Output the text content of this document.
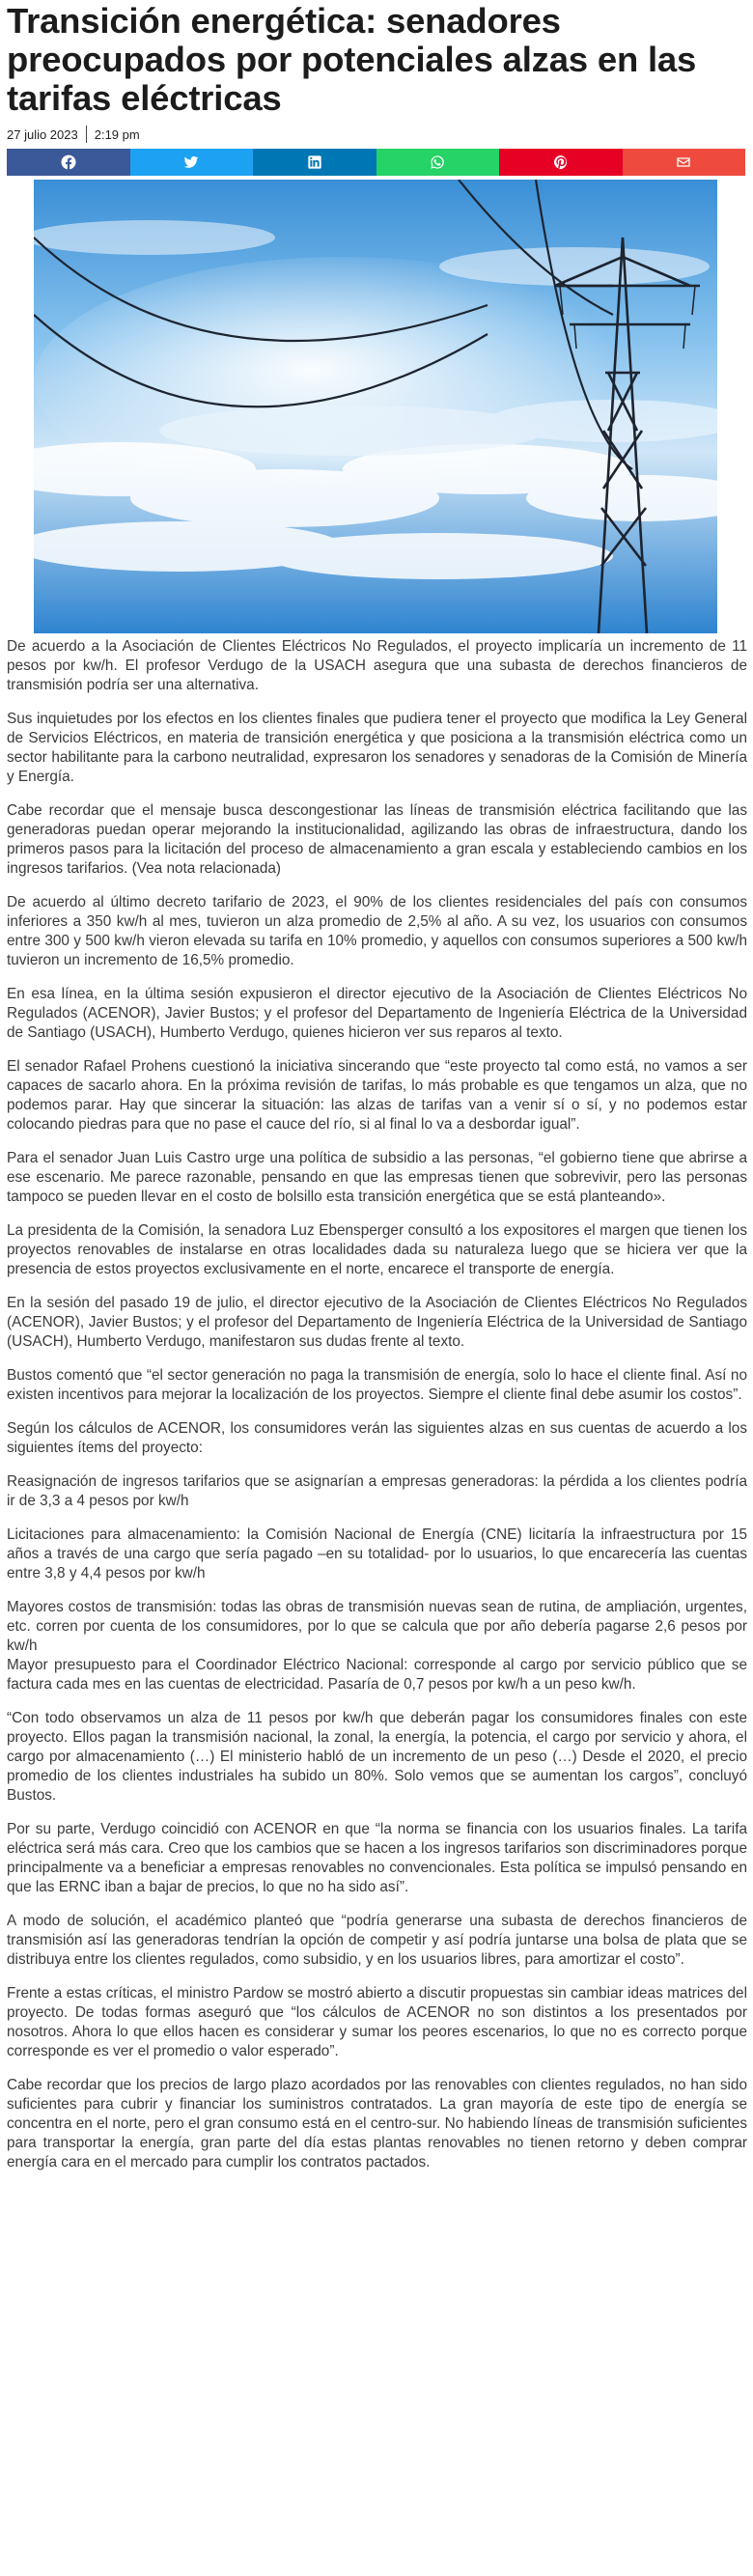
Transición energética: senadores preocupados por potenciales alzas en las tarifas eléctricas
27 julio 2023 2:19 pm

De acuerdo a la Asociación de Clientes Eléctricos No Regulados, el proyecto implicaría un incremento de 11 pesos por kw/h. El profesor Verdugo de la USACH asegura que una subasta de derechos financieros de transmisión podría ser una alternativa.

Sus inquietudes por los efectos en los clientes finales que pudiera tener el proyecto que modifica la Ley General de Servicios Eléctricos, en materia de transición energética y que posiciona a la transmisión eléctrica como un sector habilitante para la carbono neutralidad, expresaron los senadores y senadoras de la Comisión de Minería y Energía.

Cabe recordar que el mensaje busca descongestionar las líneas de transmisión eléctrica facilitando que las generadoras puedan operar mejorando la institucionalidad, agilizando las obras de infraestructura, dando los primeros pasos para la licitación del proceso de almacenamiento a gran escala y estableciendo cambios en los ingresos tarifarios. (Vea nota relacionada)

De acuerdo al último decreto tarifario de 2023, el 90% de los clientes residenciales del país con consumos inferiores a 350 kw/h al mes, tuvieron un alza promedio de 2,5% al año. A su vez, los usuarios con consumos entre 300 y 500 kw/h vieron elevada su tarifa en 10% promedio, y aquellos con consumos superiores a 500 kw/h tuvieron un incremento de 16,5% promedio.

En esa línea, en la última sesión expusieron el director ejecutivo de la Asociación de Clientes Eléctricos No Regulados (ACENOR), Javier Bustos; y el profesor del Departamento de Ingeniería Eléctrica de la Universidad de Santiago (USACH), Humberto Verdugo, quienes hicieron ver sus reparos al texto.

El senador Rafael Prohens cuestionó la iniciativa sincerando que “este proyecto tal como está, no vamos a ser capaces de sacarlo ahora. En la próxima revisión de tarifas, lo más probable es que tengamos un alza, que no podemos parar. Hay que sincerar la situación: las alzas de tarifas van a venir sí o sí, y no podemos estar colocando piedras para que no pase el cauce del río, si al final lo va a desbordar igual”.

Para el senador Juan Luis Castro urge una política de subsidio a las personas, “el gobierno tiene que abrirse a ese escenario. Me parece razonable, pensando en que las empresas tienen que sobrevivir, pero las personas tampoco se pueden llevar en el costo de bolsillo esta transición energética que se está planteando».

La presidenta de la Comisión, la senadora Luz Ebensperger consultó a los expositores el margen que tienen los proyectos renovables de instalarse en otras localidades dada su naturaleza luego que se hiciera ver que la presencia de estos proyectos exclusivamente en el norte, encarece el transporte de energía.

En la sesión del pasado 19 de julio, el director ejecutivo de la Asociación de Clientes Eléctricos No Regulados (ACENOR), Javier Bustos; y el profesor del Departamento de Ingeniería Eléctrica de la Universidad de Santiago (USACH), Humberto Verdugo, manifestaron sus dudas frente al texto.

Bustos comentó que “el sector generación no paga la transmisión de energía, solo lo hace el cliente final. Así no existen incentivos para mejorar la localización de los proyectos. Siempre el cliente final debe asumir los costos”.

Según los cálculos de ACENOR, los consumidores verán las siguientes alzas en sus cuentas de acuerdo a los siguientes ítems del proyecto:

Reasignación de ingresos tarifarios que se asignarían a empresas generadoras: la pérdida a los clientes podría ir de 3,3 a 4 pesos por kw/h

Licitaciones para almacenamiento: la Comisión Nacional de Energía (CNE) licitaría la infraestructura por 15 años a través de una cargo que sería pagado –en su totalidad- por lo usuarios, lo que encarecería las cuentas entre 3,8 y 4,4 pesos por kw/h

Mayores costos de transmisión: todas las obras de transmisión nuevas sean de rutina, de ampliación, urgentes, etc. corren por cuenta de los consumidores, por lo que se calcula que por año debería pagarse 2,6 pesos por kw/h

Mayor presupuesto para el Coordinador Eléctrico Nacional: corresponde al cargo por servicio público que se factura cada mes en las cuentas de electricidad. Pasaría de 0,7 pesos por kw/h a un peso kw/h.

“Con todo observamos un alza de 11 pesos por kw/h que deberán pagar los consumidores finales con este proyecto. Ellos pagan la transmisión nacional, la zonal, la energía, la potencia, el cargo por servicio y ahora, el cargo por almacenamiento (…) El ministerio habló de un incremento de un peso (…) Desde el 2020, el precio promedio de los clientes industriales ha subido un 80%. Solo vemos que se aumentan los cargos”, concluyó Bustos.

Por su parte, Verdugo coincidió con ACENOR en que “la norma se financia con los usuarios finales. La tarifa eléctrica será más cara. Creo que los cambios que se hacen a los ingresos tarifarios son discriminadores porque principalmente va a beneficiar a empresas renovables no convencionales. Esta política se impulsó pensando en que las ERNC iban a bajar de precios, lo que no ha sido así”.

A modo de solución, el académico planteó que “podría generarse una subasta de derechos financieros de transmisión así las generadoras tendrían la opción de competir y así podría juntarse una bolsa de plata que se distribuya entre los clientes regulados, como subsidio, y en los usuarios libres, para amortizar el costo”.

Frente a estas críticas, el ministro Pardow se mostró abierto a discutir propuestas sin cambiar ideas matrices del proyecto. De todas formas aseguró que “los cálculos de ACENOR no son distintos a los presentados por nosotros. Ahora lo que ellos hacen es considerar y sumar los peores escenarios, lo que no es correcto porque corresponde es ver el promedio o valor esperado”.

Cabe recordar que los precios de largo plazo acordados por las renovables con clientes regulados, no han sido suficientes para cubrir y financiar los suministros contratados. La gran mayoría de este tipo de energía se concentra en el norte, pero el gran consumo está en el centro-sur. No habiendo líneas de transmisión suficientes para transportar la energía, gran parte del día estas plantas renovables no tienen retorno y deben comprar energía cara en el mercado para cumplir los contratos pactados.
